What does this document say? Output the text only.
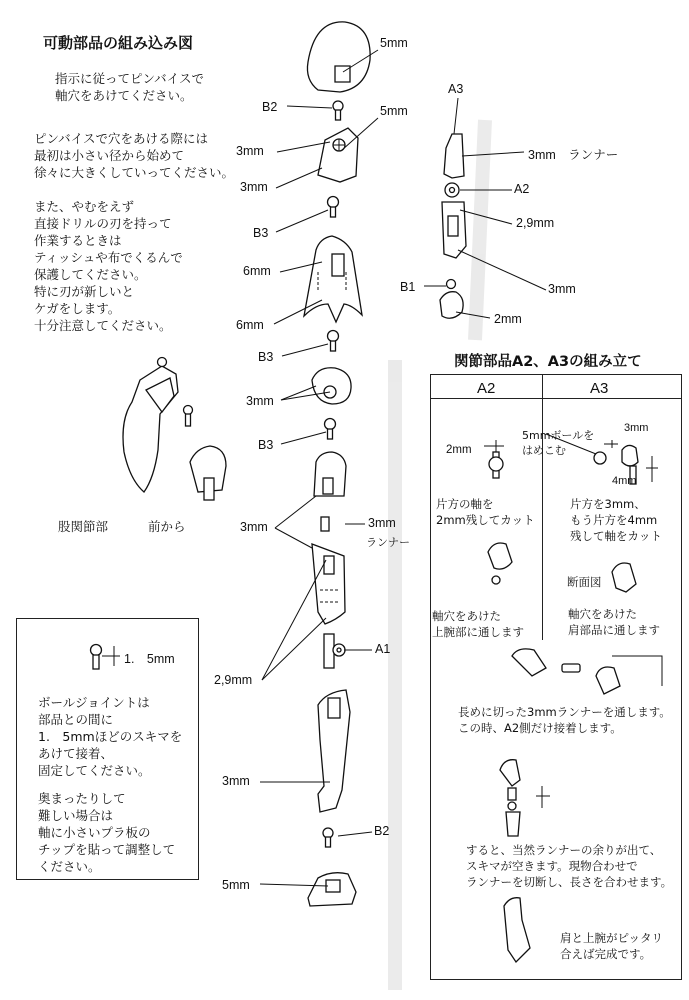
可動部品の組み込み図
指示に従ってピンバイスで
軸穴をあけてください。
ピンバイスで穴をあける際には
最初は小さい径から始めて
徐々に大きくしていってください。
また、やむをえず
直接ドリルの刃を持って
作業するときは
ティッシュや布でくるんで
保護してください。
特に刃が新しいと
ケガをします。
十分注意してください。
股関節部	前から
1.　5mm
ボールジョイントは
部品との間に
1.　5mmほどのスキマを
あけて接着、
固定してください。
奥まったりして
難しい場合は
軸に小さいプラ板の
チップを貼って調整して
ください。
5mm
B2	5mm
3mm
3mm
B3
6mm
6mm
B3
3mm
B3
3mm	3mm
ランナー
A1
2,9mm
3mm
B2
5mm
A3
3mm　ランナー
A2
2,9mm
3mm
B1
2mm
関節部品A2、A3の組み立て
A2	A3
2mm
片方の軸を
2mm残してカット
軸穴をあけた
上腕部に通します
5mmボールを
はめこむ
3mm
4mm
片方を3mm、
もう片方を4mm
残して軸をカット
断面図
軸穴をあけた
肩部品に通します
長めに切った3mmランナーを通します。
この時、A2側だけ接着します。
すると、当然ランナーの余りが出て、
スキマが空きます。現物合わせで
ランナーを切断し、長さを合わせます。
肩と上腕がピッタリ
合えば完成です。
